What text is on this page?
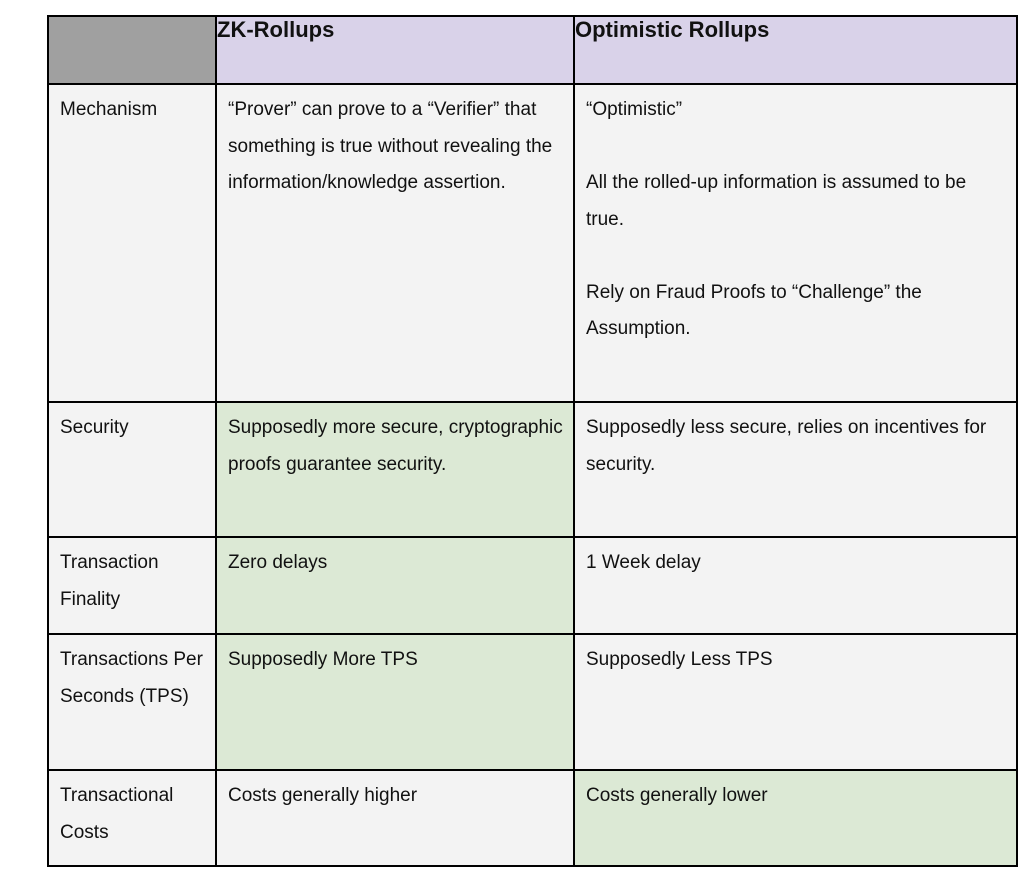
	ZK-Rollups	Optimistic Rollups

Mechanism	“Prover” can prove to a “Verifier” that something is true without revealing the information/knowledge assertion.	“Optimistic”
All the rolled-up information is assumed to be true.
Rely on Fraud Proofs to “Challenge” the Assumption.

Security	Supposedly more secure, cryptographic proofs guarantee security.	Supposedly less secure, relies on incentives for security.

Transaction Finality	Zero delays	1 Week delay

Transactions Per Seconds (TPS)	Supposedly More TPS	Supposedly Less TPS

Transactional Costs	Costs generally higher	Costs generally lower
